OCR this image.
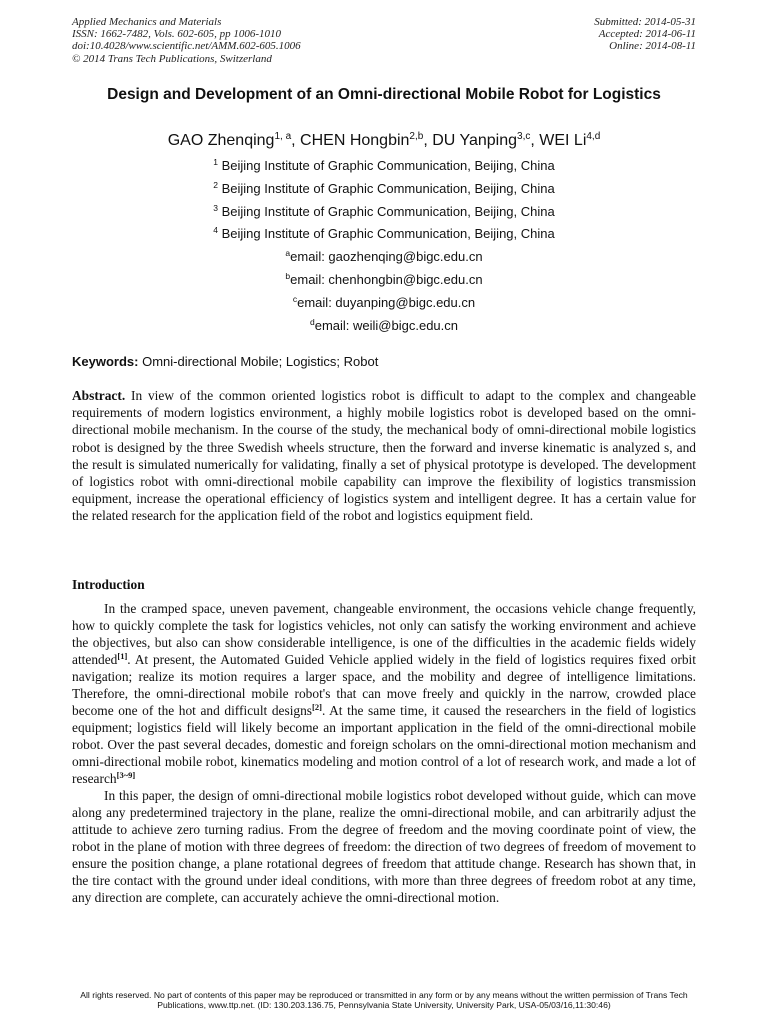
Applied Mechanics and Materials
ISSN: 1662-7482, Vols. 602-605, pp 1006-1010
doi:10.4028/www.scientific.net/AMM.602-605.1006
© 2014 Trans Tech Publications, Switzerland
Submitted: 2014-05-31
Accepted: 2014-06-11
Online: 2014-08-11
Design and Development of an Omni-directional Mobile Robot for Logistics
GAO Zhenqing$^{1, a}$, CHEN Hongbin$^{2,b}$, DU Yanping$^{3,c}$, WEI Li$^{4,d}$
$^1$ Beijing Institute of Graphic Communication, Beijing, China
$^2$ Beijing Institute of Graphic Communication, Beijing, China
$^3$ Beijing Institute of Graphic Communication, Beijing, China
$^4$ Beijing Institute of Graphic Communication, Beijing, China
$^a$email: gaozhenqing@bigc.edu.cn
$^b$email: chenhongbin@bigc.edu.cn
$^c$email: duyanping@bigc.edu.cn
$^d$email: weili@bigc.edu.cn
Keywords: Omni-directional Mobile; Logistics; Robot
Abstract. In view of the common oriented logistics robot is difficult to adapt to the complex and changeable requirements of modern logistics environment, a highly mobile logistics robot is developed based on the omni-directional mobile mechanism. In the course of the study, the mechanical body of omni-directional mobile logistics robot is designed by the three Swedish wheels structure, then the forward and inverse kinematic is analyzed s, and the result is simulated numerically for validating, finally a set of physical prototype is developed. The development of logistics robot with omni-directional mobile capability can improve the flexibility of logistics transmission equipment, increase the operational efficiency of logistics system and intelligent degree. It has a certain value for the related research for the application field of the robot and logistics equipment field.
Introduction

In the cramped space, uneven pavement, changeable environment, the occasions vehicle change frequently, how to quickly complete the task for logistics vehicles, not only can satisfy the working environment and achieve the objectives, but also can show considerable intelligence, is one of the difficulties in the academic fields widely attended[1]. At present, the Automated Guided Vehicle applied widely in the field of logistics requires fixed orbit navigation; realize its motion requires a larger space, and the mobility and degree of intelligence limitations. Therefore, the omni-directional mobile robot's that can move freely and quickly in the narrow, crowded place become one of the hot and difficult designs[2]. At the same time, it caused the researchers in the field of logistics equipment; logistics field will likely become an important application in the field of the omni-directional mobile robot. Over the past several decades, domestic and foreign scholars on the omni-directional motion mechanism and omni-directional mobile robot, kinematics modeling and motion control of a lot of research work, and made a lot of research[3~9]

In this paper, the design of omni-directional mobile logistics robot developed without guide, which can move along any predetermined trajectory in the plane, realize the omni-directional mobile, and can arbitrarily adjust the attitude to achieve zero turning radius. From the degree of freedom and the moving coordinate point of view, the robot in the plane of motion with three degrees of freedom: the direction of two degrees of freedom of movement to ensure the position change, a plane rotational degrees of freedom that attitude change. Research has shown that, in the tire contact with the ground under ideal conditions, with more than three degrees of freedom robot at any time, any direction are complete, can accurately achieve the omni-directional motion.

All rights reserved. No part of contents of this paper may be reproduced or transmitted in any form or by any means without the written permission of Trans Tech Publications, www.ttp.net. (ID: 130.203.136.75, Pennsylvania State University, University Park, USA-05/03/16,11:30:46)
